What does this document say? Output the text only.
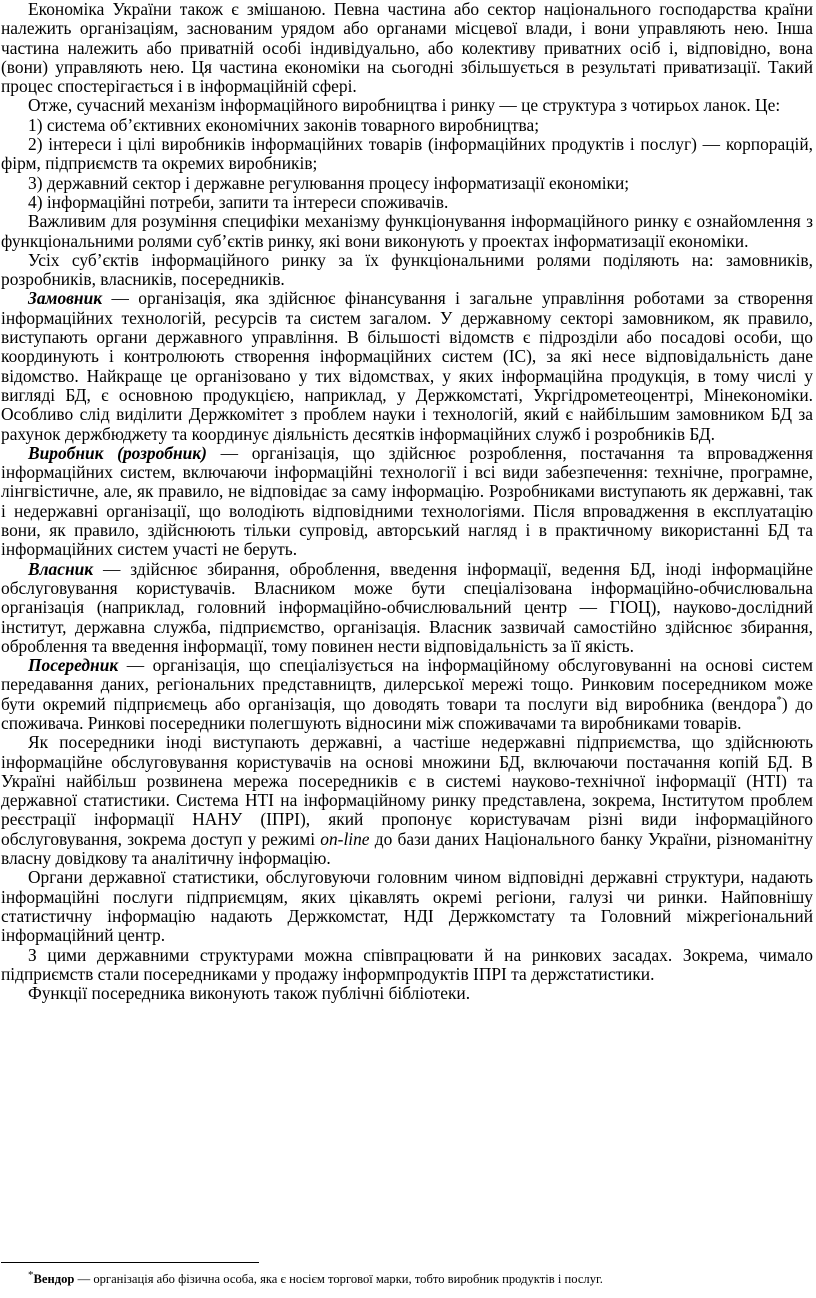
Економіка України також є змішаною. Певна частина або сектор національного господарства країни належить організаціям, засновaним урядом або органами місцевої влади, і вони управляють нею. Інша частина належить або приватній особі індивідуально, або колективу приватних осіб і, відповідно, вона (вони) управляють нею. Ця частина економіки на сьогодні збільшується в результаті приватизації. Такий процес спостерігається і в інформаційній сфері.

Отже, сучасний механізм інформаційного виробництва і ринку — це структура з чотирьох ланок. Це:

1) система об’єктивних економічних законів товарного виробництва;

2) інтереси і цілі виробників інформаційних товарів (інформаційних продуктів і послуг) — корпорацій, фірм, підприємств та окремих виробників;

3) державний сектор і державне регулювання процесу інформатизації економіки;

4) інформаційні потреби, запити та інтереси споживачів.

Важливим для розуміння специфіки механізму функціонування інформаційного ринку є ознайомлення з функціональними ролями суб’єктів ринку, які вони виконують у проектах інформатизації економіки.

Усіх суб’єктів інформаційного ринку за їх функціональними ролями поділяють на: замовників, розробників, власників, посередників.

Замовник — організація, яка здійснює фінансування і загальне управління роботами за створення інформаційних технологій, ресурсів та систем загалом. У державному секторі замовником, як правило, виступають органи державного управління. В більшості відомств є підрозділи або посадові особи, що координують і контролюють створення інформаційних систем (ІС), за які несе відповідальність дане відомство. Найкраще це організовано у тих відомствах, у яких інформаційна продукція, в тому числі у вигляді БД, є основною продукцією, наприклад, у Держкомстаті, Укргідрометеоцентрі, Мінекономіки. Особливо слід виділити Держкомітет з проблем науки і технологій, який є найбільшим замовником БД за рахунок держбюджету та координує діяльність десятків інформаційних служб і розробників БД.

Виробник (розробник) — організація, що здійснює розроблення, постачання та впровадження інформаційних систем, включаючи інформаційні технології і всі види забезпечення: технічне, програмне, лінгвістичне, але, як правило, не відповідає за саму інформацію. Розробниками виступають як державні, так і недержавні організації, що володіють відповідними технологіями. Після впровадження в експлуатацію вони, як правило, здійснюють тільки супровід, авторський нагляд і в практичному використанні БД та інформаційних систем участі не беруть.

Власник — здійснює збирання, оброблення, введення інформації, ведення БД, іноді інформаційне обслуговування користувачів. Власником може бути спеціалізована інформаційно-обчислювальна організація (наприклад, головний інформаційно-обчислювальний центр — ГІОЦ), науково-дослідний інститут, державна служба, підприємство, організація. Власник зазвичай самостійно здійснює збирання, оброблення та введення інформації, тому повинен нести відповідальність за її якість.

Посередник — організація, що спеціалізується на інформаційному обслуговуванні на основі систем передавання даних, регіональних представництв, дилерської мережі тощо. Ринковим посередником може бути окремий підприємець або організація, що доводять товари та послуги від виробника (вендора*) до споживача. Ринкові посередники полегшують відносини між споживачами та виробниками товарів.

Як посередники іноді виступають державні, а частіше недержавні підприємства, що здійснюють інформаційне обслуговування користувачів на основі множини БД, включаючи постачання копій БД. В Україні найбільш розвинена мережа посередників є в системі науково-технічної інформації (НТІ) та державної статистики. Система НТІ на інформаційному ринку представлена, зокрема, Інститутом проблем реєстрації інформації НАНУ (ІПРІ), який пропонує користувачам різні види інформаційного обслуговування, зокрема доступ у режимі on-line до бази даних Національного банку України, різноманітну власну довідкову та аналітичну інформацію.

Органи державної статистики, обслуговуючи головним чином відповідні державні структури, надають інформаційні послуги підприємцям, яких цікавлять окремі регіони, галузі чи ринки. Найповнішу статистичну інформацію надають Держкомстат, НДІ Держкомстату та Головний міжрегіональний інформаційний центр.

З цими державними структурами можна співпрацювати й на ринкових засадах. Зокрема, чимало підприємств стали посередниками у продажу інформпродуктів ІПРІ та держстатистики.

Функції посередника виконують також публічні бібліотеки.

*Вендор — організація або фізична особа, яка є носієм торгової марки, тобто виробник продуктів і послуг.
